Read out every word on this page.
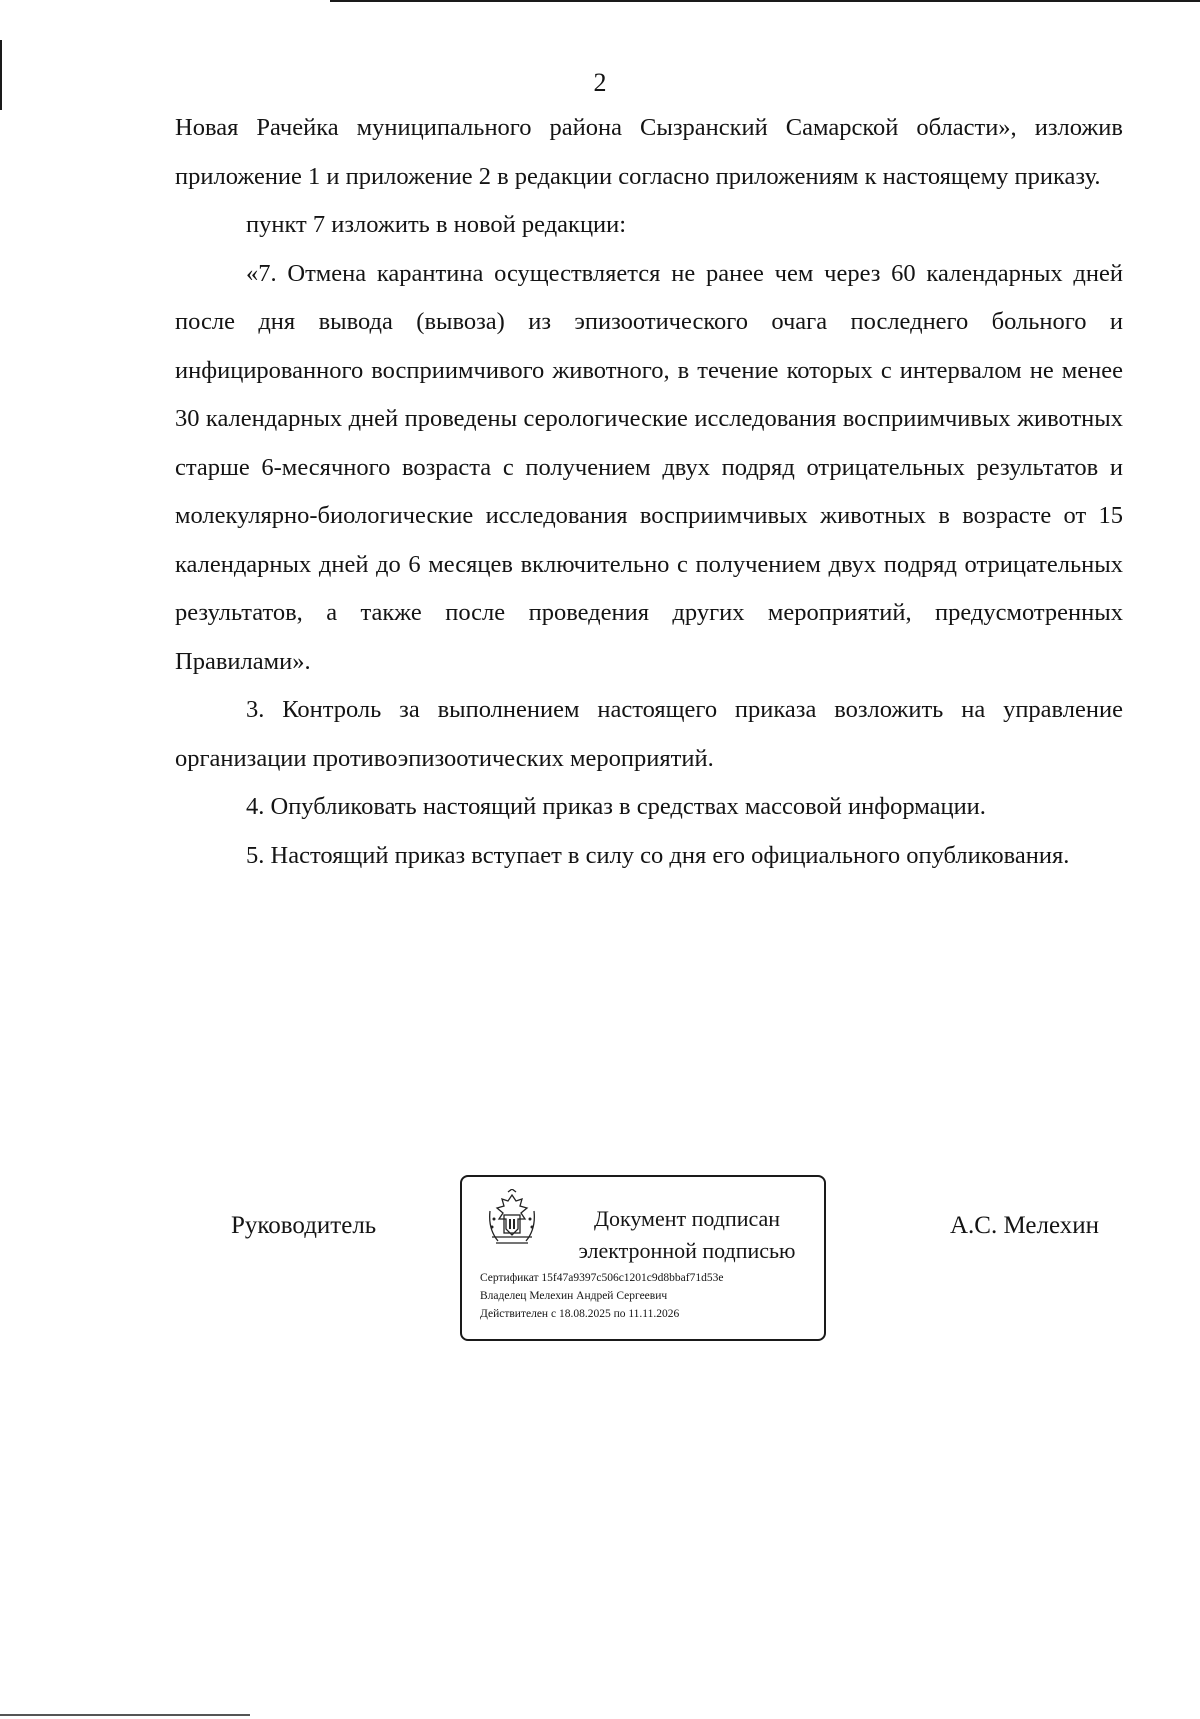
2

Новая Рачейка муниципального района Сызранский Самарской области», изложив приложение 1 и приложение 2 в редакции согласно приложениям к настоящему приказу.

пункт 7 изложить в новой редакции:

«7. Отмена карантина осуществляется не ранее чем через 60 календарных дней после дня вывода (вывоза) из эпизоотического очага последнего больного и инфицированного восприимчивого животного, в течение которых с интервалом не менее 30 календарных дней проведены серологические исследования восприимчивых животных старше 6-месячного возраста с получением двух подряд отрицательных результатов и молекулярно-биологические исследования восприимчивых животных в возрасте от 15 календарных дней до 6 месяцев включительно с получением двух подряд отрицательных результатов, а также после проведения других мероприятий, предусмотренных Правилами».

3. Контроль за выполнением настоящего приказа возложить на управление организации противоэпизоотических мероприятий.

4. Опубликовать настоящий приказ в средствах массовой информации.

5. Настоящий приказ вступает в силу со дня его официального опубликования.

Руководитель	Документ подписан
электронной подписью
Сертификат 15f47a9397c506c1201c9d8bbaf71d53e
Владелец Мелехин Андрей Сергеевич
Действителен с 18.08.2025 по 11.11.2026
А.С. Мелехин
